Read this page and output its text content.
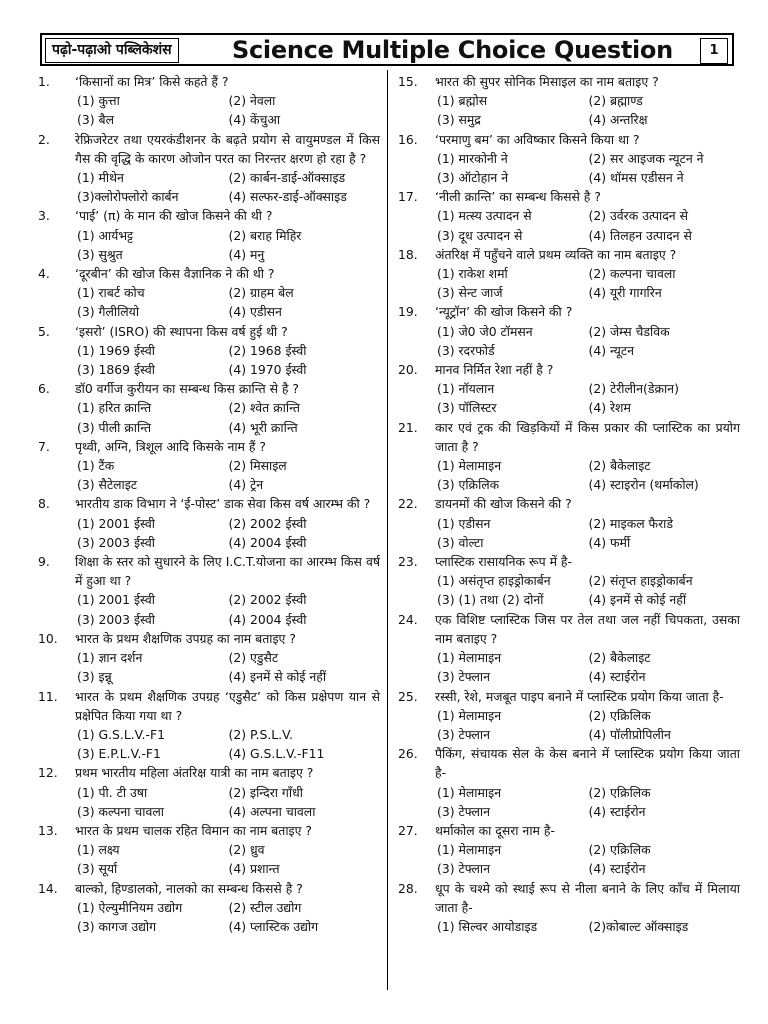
पढ़ो-पढ़ाओ पब्लिकेशंस	Science Multiple Choice Question	1
1.	‘किसानों का मित्र’ किसे कहते हैं ?
(1) कुत्ता	(2) नेवला
(3) बैल	(4) केंचुआ
2.	रेफ्रिजरेटर तथा एयरकंडीशनर के बढ़ते प्रयोग से वायुमण्डल में किस गैस की वृद्धि के कारण ओजोन परत का निरन्तर क्षरण हो रहा है ?
(1) मीथेन	(2) कार्बन-डाई-ऑक्साइड
(3)क्लोरोफ्लोरो कार्बन	(4) सल्फर-डाई-ऑक्साइड
3.	‘पाई’ (π) के मान की खोज किसने की थी ?
(1) आर्यभट्ट	(2) बराह मिहिर
(3) सुश्रुत	(4) मनु
4.	‘दूरबीन’ की खोज किस वैज्ञानिक ने की थी ?
(1) राबर्ट कोच	(2) ग्राहम बेल
(3) गैलीलियो	(4) एडीसन
5.	‘इसरो’ (ISRO) की स्थापना किस वर्ष हुई थी ?
(1) 1969 ईस्वी	(2) 1968 ईस्वी
(3) 1869 ईस्वी	(4) 1970 ईस्वी
6.	डॉ0 वर्गीज कुरीयन का सम्बन्ध किस क्रान्ति से है ?
(1) हरित क्रान्ति	(2) श्वेत क्रान्ति
(3) पीली क्रान्ति	(4) भूरी क्रान्ति
7.	पृथ्वी, अग्नि, त्रिशूल आदि किसके नाम हैं ?
(1) टैंक	(2) मिसाइल
(3) सैटेलाइट	(4) ट्रेन
8.	भारतीय डाक विभाग ने ‘ई-पोस्ट’ डाक सेवा किस वर्ष आरम्भ की ?
(1) 2001 ईस्वी	(2) 2002 ईस्वी
(3) 2003 ईस्वी	(4) 2004 ईस्वी
9.	शिक्षा के स्तर को सुधारने के लिए I.C.T.योजना का आरम्भ किस वर्ष में हुआ था ?
(1) 2001 ईस्वी	(2) 2002 ईस्वी
(3) 2003 ईस्वी	(4) 2004 ईस्वी
10.	भारत के प्रथम शैक्षणिक उपग्रह का नाम बताइए ?
(1) ज्ञान दर्शन	(2) एडुसैट
(3) इन्नू	(4) इनमें से कोई नहीं
11.	भारत के प्रथम शैक्षणिक उपग्रह ‘एडुसैट’ को किस प्रक्षेपण यान से प्रक्षेपित किया गया था ?
(1) G.S.L.V.-F1	(2) P.S.L.V.
(3) E.P.L.V.-F1	(4) G.S.L.V.-F11
12.	प्रथम भारतीय महिला अंतरिक्ष यात्री का नाम बताइए ?
(1) पी. टी उषा	(2) इन्दिरा गाँधी
(3) कल्पना चावला	(4) अल्पना चावला
13.	भारत के प्रथम चालक रहित विमान का नाम बताइए ?
(1) लक्ष्य	(2) ध्रुव
(3) सूर्या	(4) प्रशान्त
14.	बाल्को, हिण्डालको, नालको का सम्बन्ध किससे है ?
(1) ऐल्युमीनियम उद्योग	(2) स्टील उद्योग
(3) कागज उद्योग	(4) प्लास्टिक उद्योग
15.	भारत की सुपर सोनिक मिसाइल का नाम बताइए ?
(1) ब्रह्मोस	(2) ब्रह्माण्ड
(3) समुद्र	(4) अन्तरिक्ष
16.	‘परमाणु बम’ का अविष्कार किसने किया था ?
(1) मारकोनी ने	(2) सर आइजक न्यूटन ने
(3) ऑटोहान ने	(4) थॉमस एडीसन ने
17.	‘नीली क्रान्ति’ का सम्बन्ध किससे है ?
(1) मत्स्य उत्पादन से	(2) उर्वरक उत्पादन से
(3) दूध उत्पादन से	(4) तिलहन उत्पादन से
18.	अंतरिक्ष में पहुँचने वाले प्रथम व्यक्ति का नाम बताइए ?
(1) राकेश शर्मा	(2) कल्पना चावला
(3) सेन्ट जार्ज	(4) यूरी गागरिन
19.	‘न्यूट्रॉन’ की खोज किसने की ?
(1) जे0 जे0 टॉमसन	(2) जेम्स चैडविक
(3) रदरफोर्ड	(4) न्यूटन
20.	मानव निर्मित रेशा नहीं है ?
(1) नॉयलान	(2) टेरीलीन(डेक्रान)
(3) पॉलिस्टर	(4) रेशम
21.	कार एवं ट्रक की खिड़कियों में किस प्रकार की प्लास्टिक का प्रयोग जाता है ?
(1) मेलामाइन	(2) बैकेलाइट
(3) एक्रिलिक	(4) स्टाइरोन (थर्माकोल)
22.	डायनमों की खोज किसने की ?
(1) एडीसन	(2) माइकल फैराडे
(3) वोल्टा	(4) फर्मी
23.	प्लास्टिक रासायनिक रूप में है-
(1) असंतृप्त हाइड्रोकार्बन	(2) संतृप्त हाइड्रोकार्बन
(3) (1) तथा (2) दोनों	(4) इनमें से कोई नहीं
24.	एक विशिष्ट प्लास्टिक जिस पर तेल तथा जल नहीं चिपकता, उसका नाम बताइए ?
(1) मेलामाइन	(2) बैकेलाइट
(3) टेफ्लान	(4) स्टाईरोन
25.	रस्सी, रेशे, मजबूत पाइप बनाने में प्लास्टिक प्रयोग किया जाता है-
(1) मेलामाइन	(2) एक्रिलिक
(3) टेफ्लान	(4) पॉलीप्रोपिलीन
26.	पैकिंग, संचायक सेल के केस बनाने में प्लास्टिक प्रयोग किया जाता है-
(1) मेलामाइन	(2) एक्रिलिक
(3) टेफ्लान	(4) स्टाईरोन
27.	थर्माकोल का दूसरा नाम है-
(1) मेलामाइन	(2) एक्रिलिक
(3) टेफ्लान	(4) स्टाईरोन
28.	धूप के चश्मे को स्थाई रूप से नीला बनाने के लिए काँच में मिलाया जाता है-
(1) सिल्वर आयोडाइड	(2)कोबाल्ट ऑक्साइड
